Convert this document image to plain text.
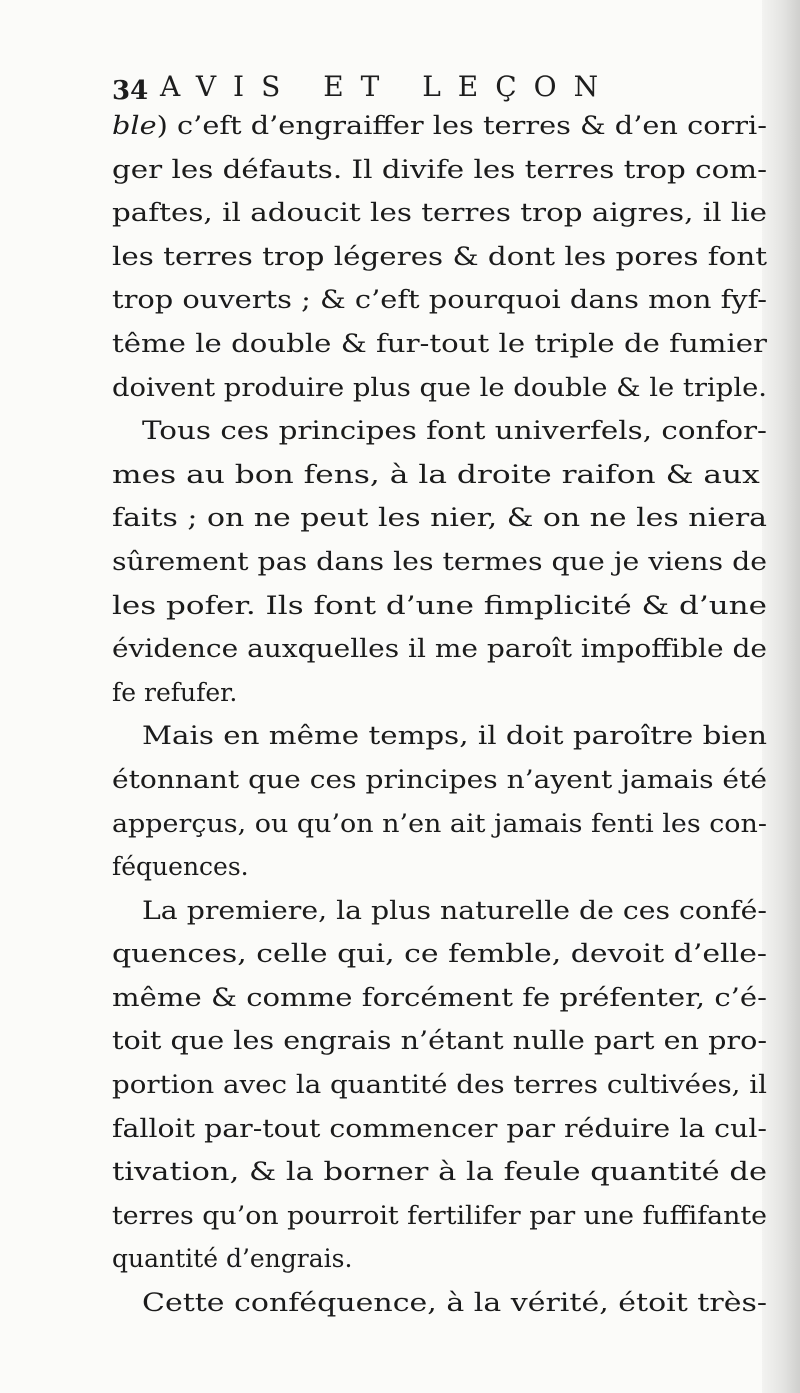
34 AVIS ET LEÇON
ble) c’eft d’engraiffer les terres & d’en corri-
ger les défauts. Il divife les terres trop com-
paftes, il adoucit les terres trop aigres, il lie
les terres trop légeres & dont les pores font
trop ouverts ; & c’eft pourquoi dans mon fyf-
tême le double & fur-tout le triple de fumier
doivent produire plus que le double & le triple.
Tous ces principes font univerfels, confor-
mes au bon fens, à la droite raifon & aux
faits ; on ne peut les nier, & on ne les niera
sûrement pas dans les termes que je viens de
les pofer. Ils font d’une fimplicité & d’une
évidence auxquelles il me paroît impoffible de
fe refufer.
Mais en même temps, il doit paroître bien
étonnant que ces principes n’ayent jamais été
apperçus, ou qu’on n’en ait jamais fenti les con-
féquences.
La premiere, la plus naturelle de ces confé-
quences, celle qui, ce femble, devoit d’elle-
même & comme forcément fe préfenter, c’é-
toit que les engrais n’étant nulle part en pro-
portion avec la quantité des terres cultivées, il
falloit par-tout commencer par réduire la cul-
tivation, & la borner à la feule quantité de
terres qu’on pourroit fertilifer par une fuffifante
quantité d’engrais.
Cette conféquence, à la vérité, étoit très-
